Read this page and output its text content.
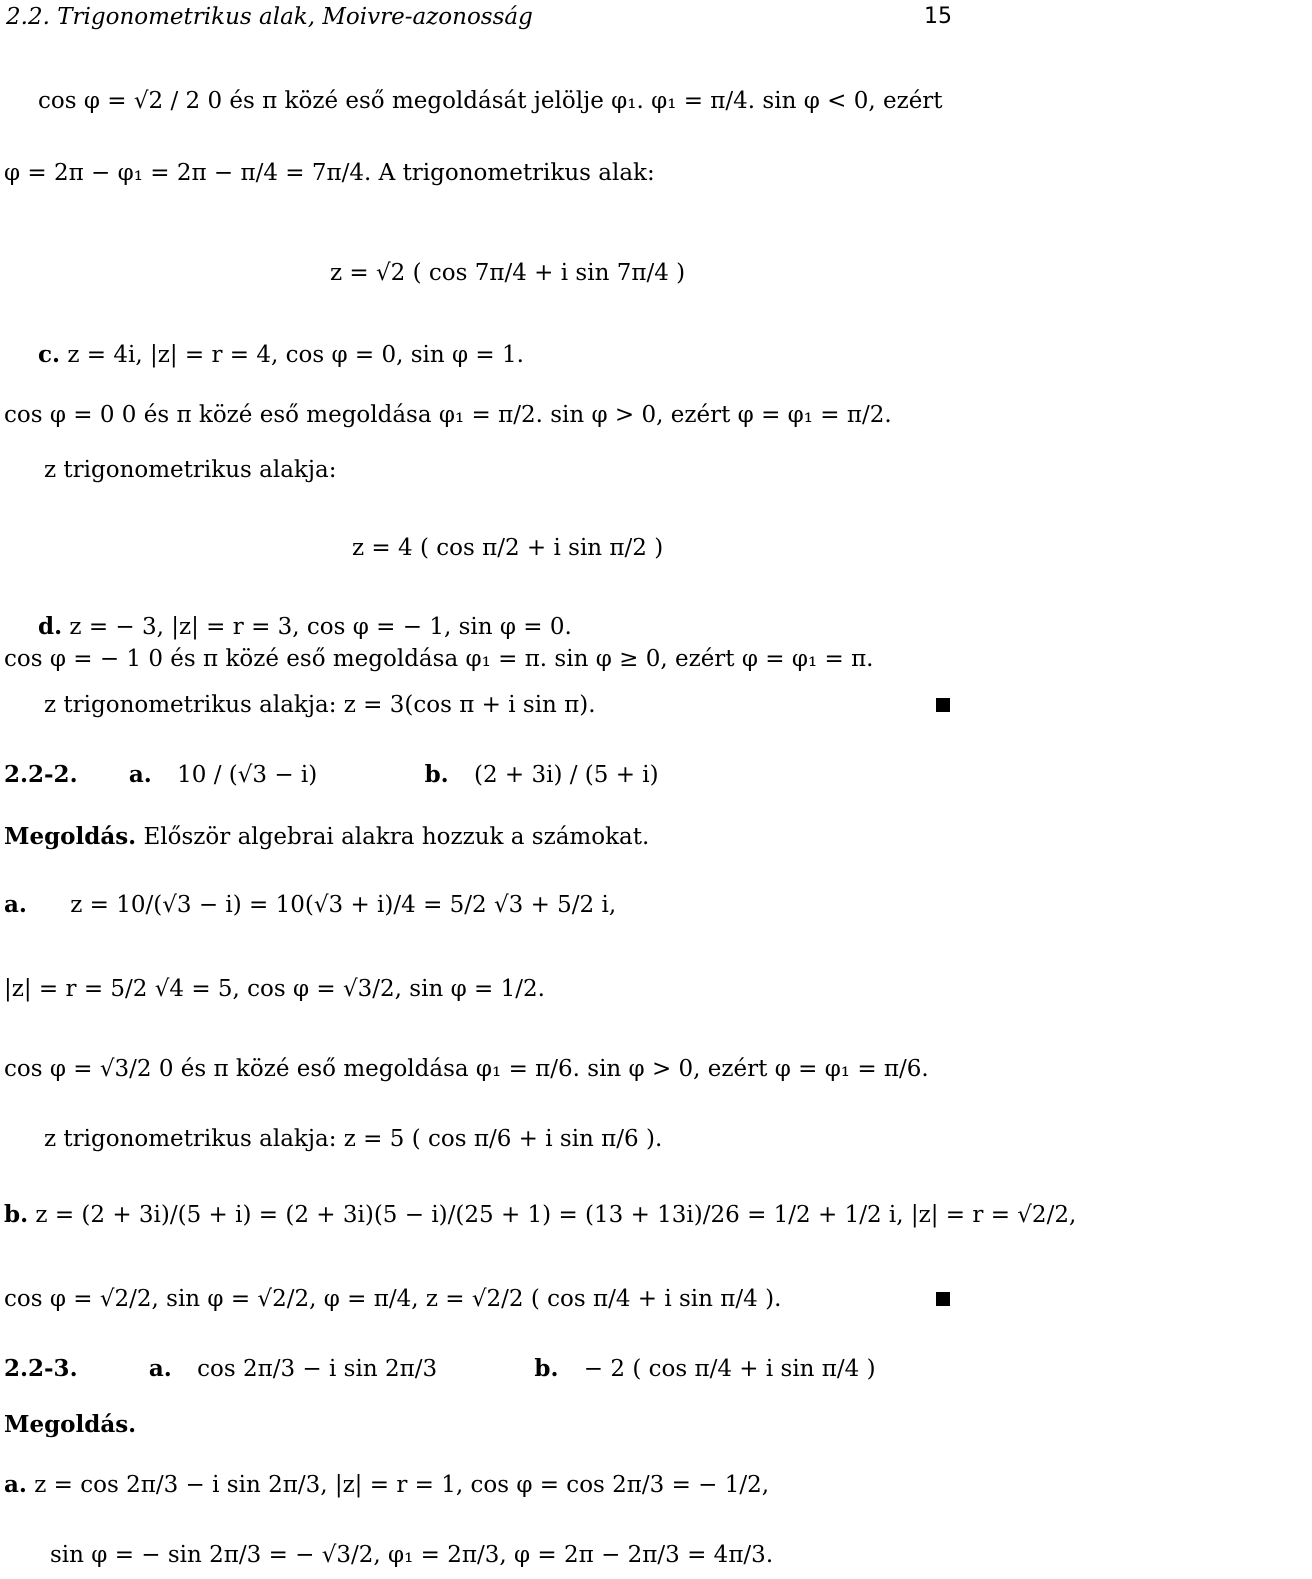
2.2. Trigonometrikus alak, Moivre-azonosság	15
cos φ = √2 / 2 0 és π közé eső megoldását jelölje φ₁. φ₁ = π/4. sin φ < 0, ezért
φ = 2π − φ₁ = 2π − π/4 = 7π/4. A trigonometrikus alak:
z = √2 ( cos 7π/4 + i sin 7π/4 )
c. z = 4i, |z| = r = 4, cos φ = 0, sin φ = 1.
cos φ = 0 0 és π közé eső megoldása φ₁ = π/2. sin φ > 0, ezért φ = φ₁ = π/2.
z trigonometrikus alakja:
z = 4 ( cos π/2 + i sin π/2 )
d. z = − 3, |z| = r = 3, cos φ = − 1, sin φ = 0.
cos φ = − 1 0 és π közé eső megoldása φ₁ = π. sin φ ≥ 0, ezért φ = φ₁ = π.
z trigonometrikus alakja: z = 3(cos π + i sin π).
2.2-2. a. 10 / (√3 − i)	b. (2 + 3i) / (5 + i)
Megoldás. Először algebrai alakra hozzuk a számokat.
a. z = 10/(√3 − i) = 10(√3 + i)/4 = 5/2 √3 + 5/2 i,
|z| = r = 5/2 √4 = 5, cos φ = √3/2, sin φ = 1/2.
cos φ = √3/2 0 és π közé eső megoldása φ₁ = π/6. sin φ > 0, ezért φ = φ₁ = π/6.
z trigonometrikus alakja: z = 5 ( cos π/6 + i sin π/6 ).
b. z = (2 + 3i)/(5 + i) = (2 + 3i)(5 − i)/(25 + 1) = (13 + 13i)/26 = 1/2 + 1/2 i, |z| = r = √2/2,
cos φ = √2/2, sin φ = √2/2, φ = π/4, z = √2/2 ( cos π/4 + i sin π/4 ).
2.2-3.	a. cos 2π/3 − i sin 2π/3	b. − 2 ( cos π/4 + i sin π/4 )
Megoldás.
a. z = cos 2π/3 − i sin 2π/3, |z| = r = 1, cos φ = cos 2π/3 = − 1/2,
sin φ = − sin 2π/3 = − √3/2, φ₁ = 2π/3, φ = 2π − 2π/3 = 4π/3.
